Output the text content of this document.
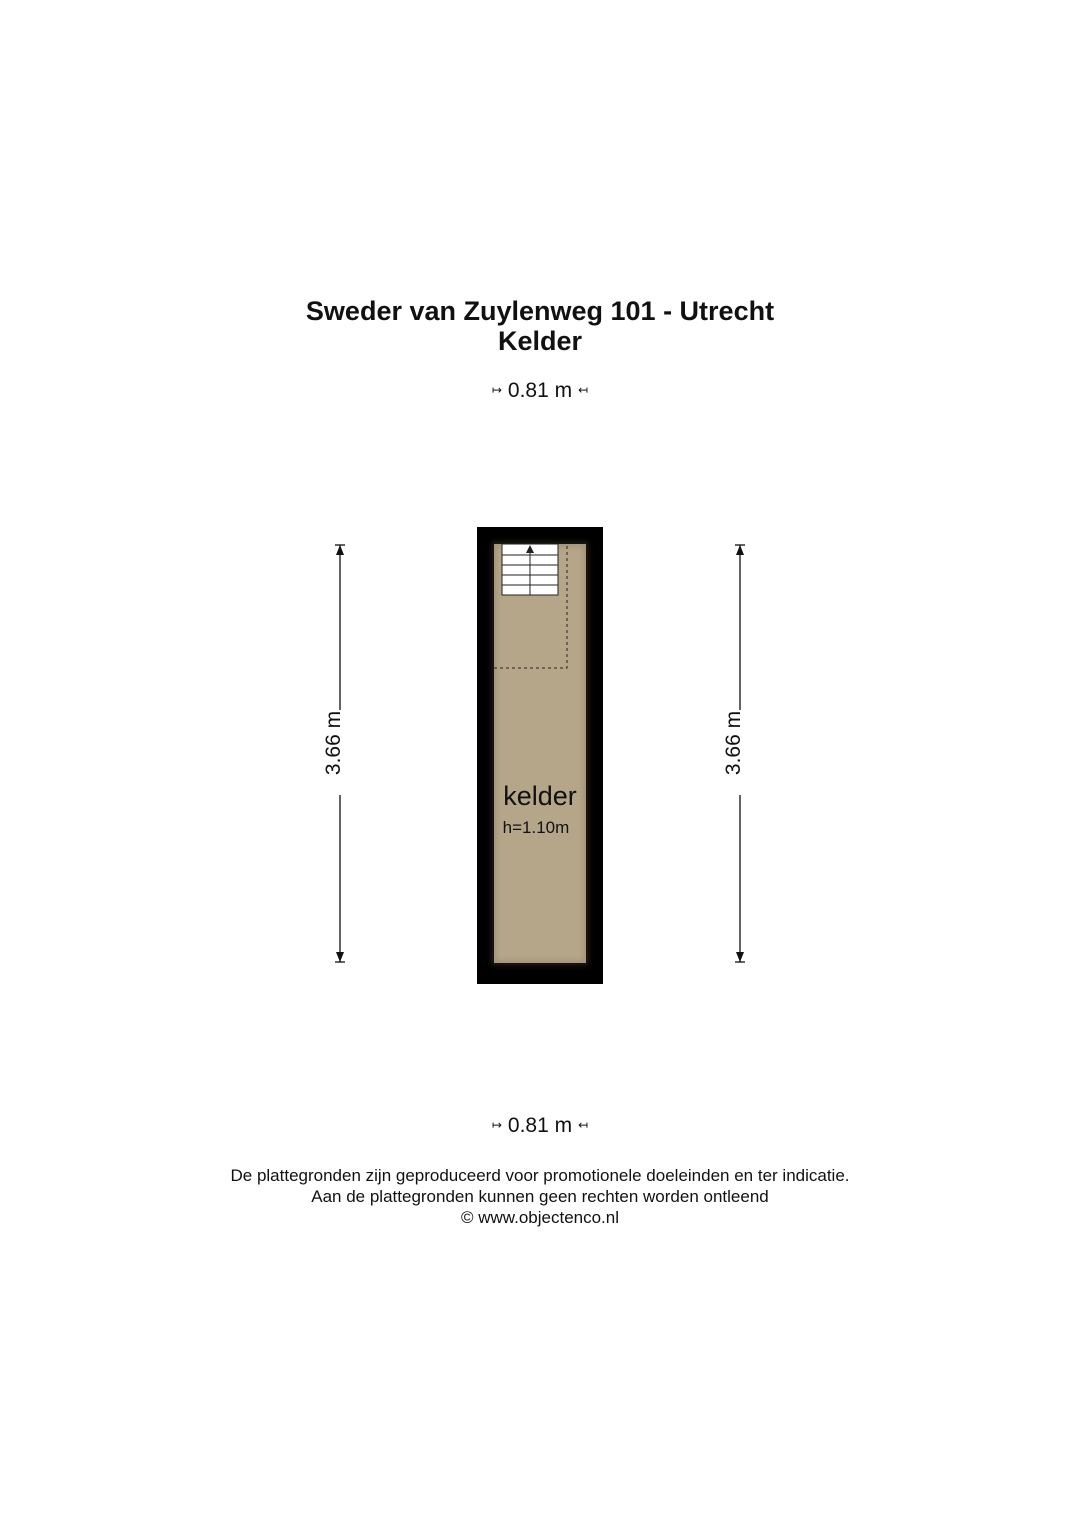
Sweder van Zuylenweg 101 - Utrecht
Kelder
↦ 0.81 m ↤
3.66 m	3.66 m
kelder
h=1.10m
↦ 0.81 m ↤
De plattegronden zijn geproduceerd voor promotionele doeleinden en ter indicatie.
Aan de plattegronden kunnen geen rechten worden ontleend
© www.objectenco.nl
